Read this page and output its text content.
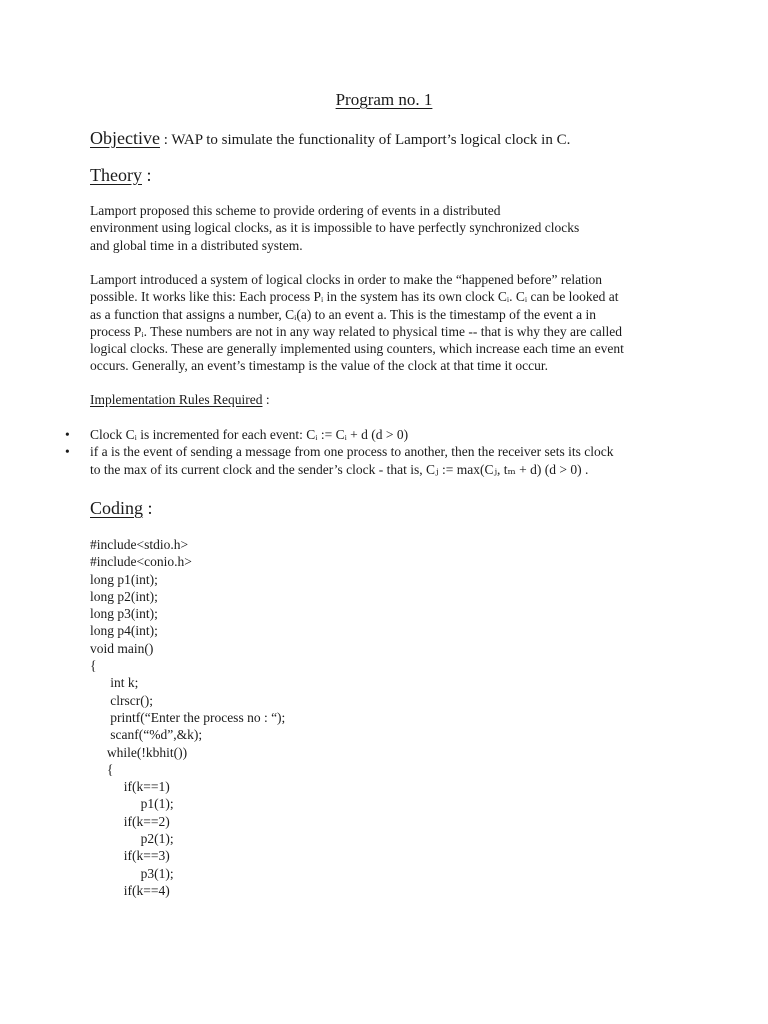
Program no. 1
Objective : WAP to simulate the functionality of Lamport’s logical clock in C.
Theory :
Lamport proposed this scheme to provide ordering of events in a distributed
environment using logical clocks, as it is impossible to have perfectly synchronized clocks
and global time in a distributed system.
Lamport introduced a system of logical clocks in order to make the “happened before” relation
possible. It works like this: Each process Pᵢ in the system has its own clock Cᵢ. Cᵢ can be looked at
as a function that assigns a number, Cᵢ(a) to an event a. This is the timestamp of the event a in
process Pᵢ. These numbers are not in any way related to physical time -- that is why they are called
logical clocks. These are generally implemented using counters, which increase each time an event
occurs. Generally, an event’s timestamp is the value of the clock at that time it occur.
Implementation Rules Required :
• Clock Cᵢ is incremented for each event: Cᵢ := Cᵢ + d (d > 0)
• if a is the event of sending a message from one process to another, then the receiver sets its clock
to the max of its current clock and the sender’s clock - that is, Cⱼ := max(Cⱼ, tₘ + d) (d > 0) .
Coding :
#include<stdio.h>
#include<conio.h>
long p1(int);
long p2(int);
long p3(int);
long p4(int);
void main()
{
int k;
clrscr();
printf(“Enter the process no : “);
scanf(“%d”,&k);
while(!kbhit())
{
if(k==1)
p1(1);
if(k==2)
p2(1);
if(k==3)
p3(1);
if(k==4)
